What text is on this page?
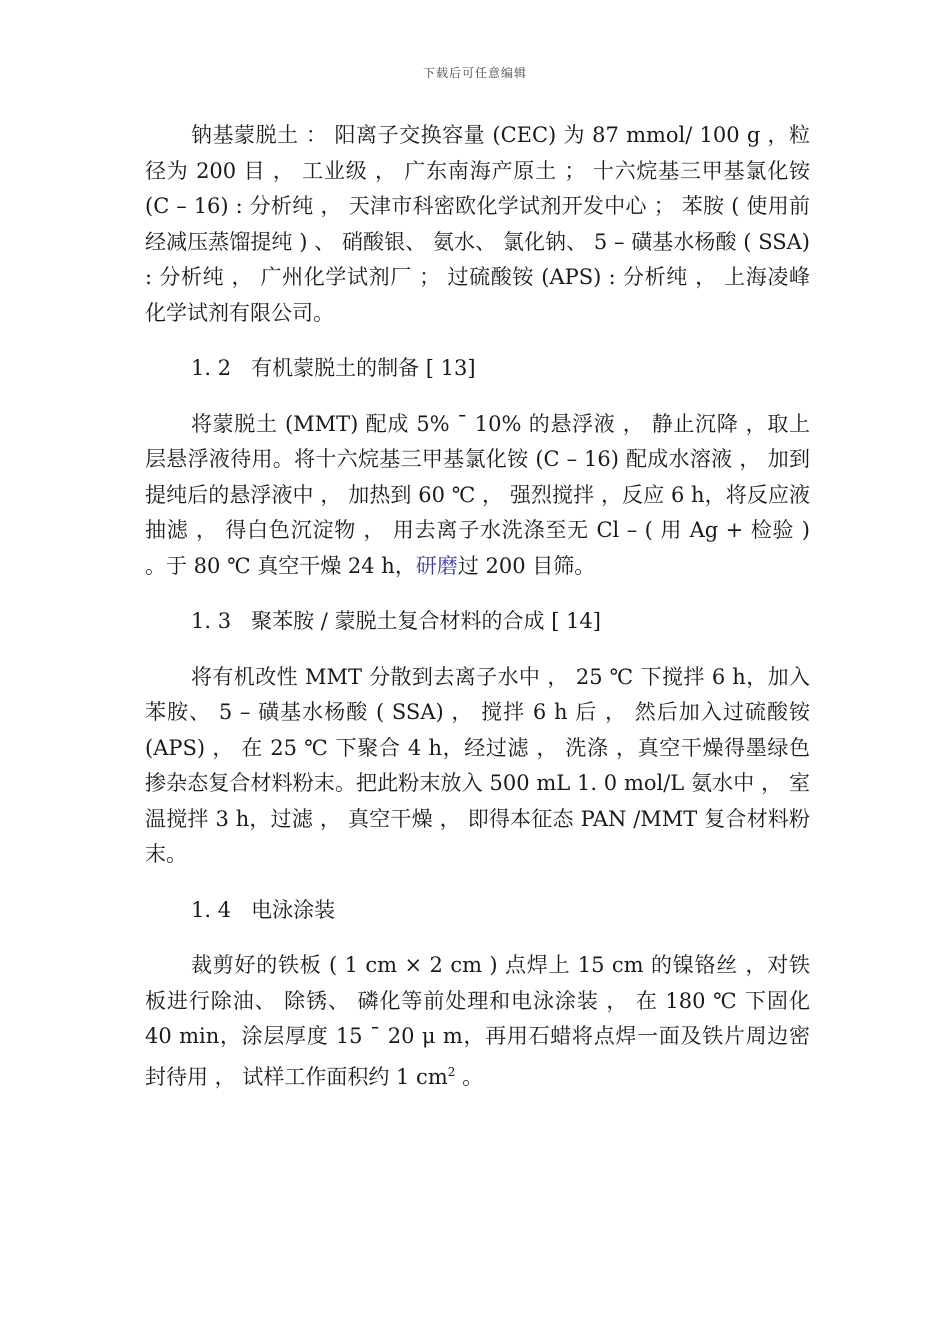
下载后可任意编辑

钠基蒙脱土 ： 阳离子交换容量 (CEC) 为 87 mmol/ 100 g ，粒径为 200 目 ， 工业级 ， 广东南海产原土 ； 十六烷基三甲基氯化铵 (C – 16) : 分析纯 ， 天津市科密欧化学试剂开发中心 ； 苯胺 ( 使用前经减压蒸馏提纯 ) 、 硝酸银、 氨水、 氯化钠、 5 – 磺基水杨酸 ( SSA) : 分析纯 ， 广州化学试剂厂 ； 过硫酸铵 (APS) : 分析纯 ， 上海凌峰化学试剂有限公司。

1. 2   有机蒙脱土的制备 [ 13]

将蒙脱土 (MMT) 配成 5% ¯ 10% 的悬浮液 ， 静止沉降 ，取上层悬浮液待用。将十六烷基三甲基氯化铵 (C – 16) 配成水溶液 ， 加到提纯后的悬浮液中 ， 加热到 60 ℃ ， 强烈搅拌 ，反应 6 h，将反应液抽滤 ， 得白色沉淀物 ， 用去离子水洗涤至无 Cl – ( 用 Ag + 检验 ) 。于 80 ℃ 真空干燥 24 h，研磨过 200 目筛。

1. 3   聚苯胺 / 蒙脱土复合材料的合成 [ 14]

将有机改性 MMT 分散到去离子水中 ， 25 ℃ 下搅拌 6 h，加入苯胺、 5 – 磺基水杨酸 ( SSA) ， 搅拌 6 h 后 ， 然后加入过硫酸铵 (APS) ， 在 25 ℃ 下聚合 4 h，经过滤 ， 洗涤 ，真空干燥得墨绿色掺杂态复合材料粉末。把此粉末放入 500 mL 1. 0 mol/L 氨水中 ， 室温搅拌 3 h，过滤 ， 真空干燥 ， 即得本征态 PAN /MMT 复合材料粉末。

1. 4   电泳涂装

裁剪好的铁板 ( 1 cm × 2 cm ) 点焊上 15 cm 的镍铬丝 ，对铁板进行除油、 除锈、 磷化等前处理和电泳涂装 ， 在 180 ℃ 下固化 40 min，涂层厚度 15 ¯ 20 μ m，再用石蜡将点焊一面及铁片周边密封待用 ， 试样工作面积约 1 $cm^2$ 。
